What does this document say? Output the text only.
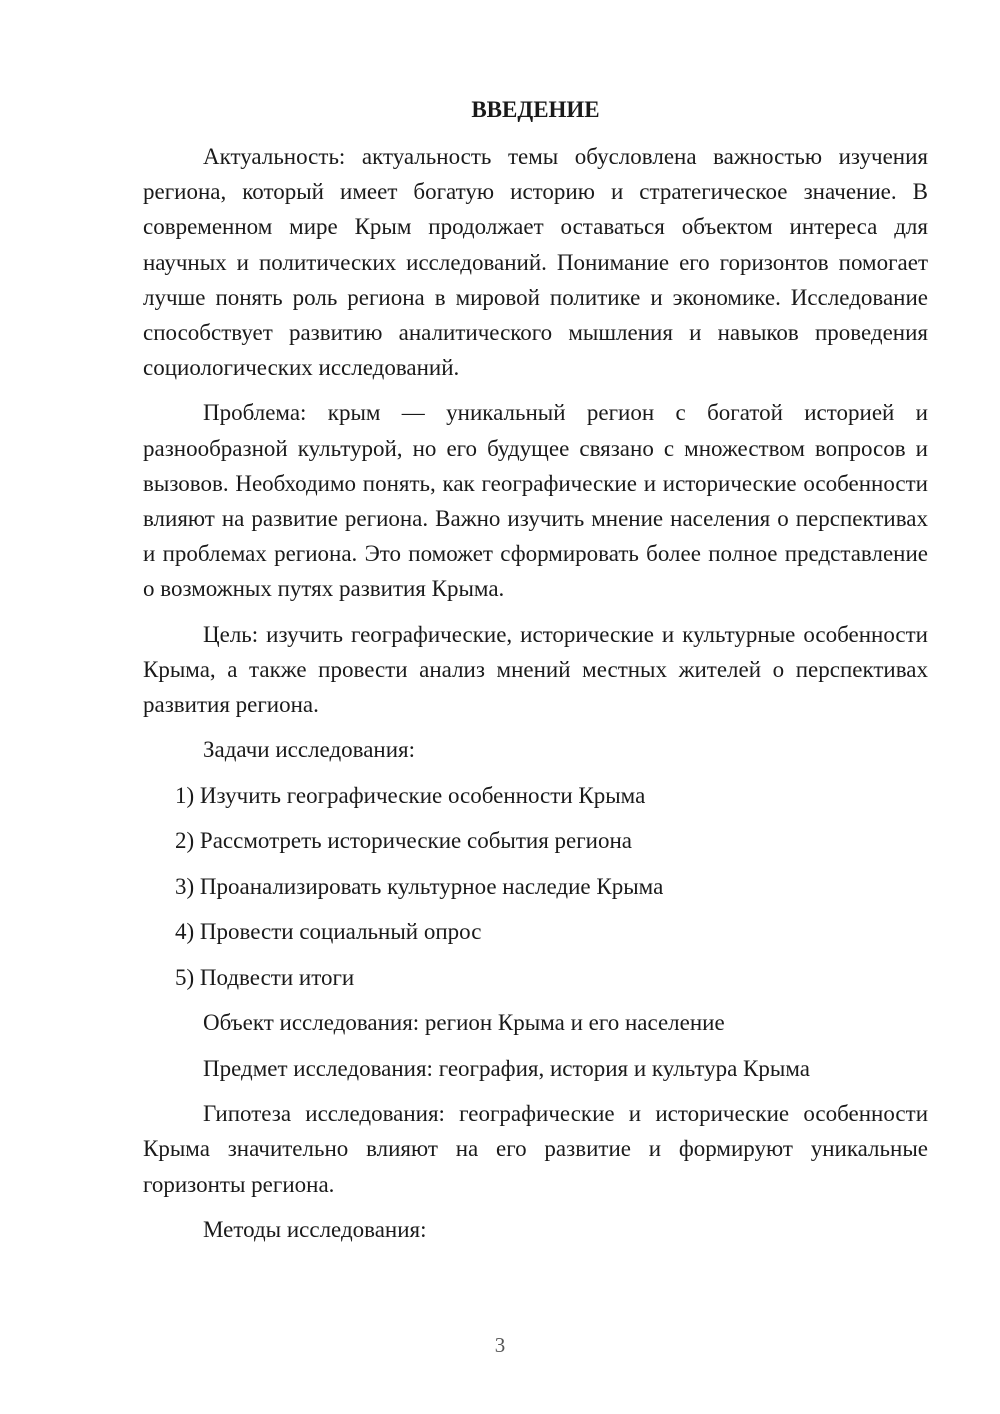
ВВЕДЕНИЕ

Актуальность: актуальность темы обусловлена важностью изучения региона, который имеет богатую историю и стратегическое значение. В современном мире Крым продолжает оставаться объектом интереса для научных и политических исследований. Понимание его горизонтов помогает лучше понять роль региона в мировой политике и экономике. Исследование способствует развитию аналитического мышления и навыков проведения социологических исследований.

Проблема: крым — уникальный регион с богатой историей и разнообразной культурой, но его будущее связано с множеством вопросов и вызовов. Необходимо понять, как географические и исторические особенности влияют на развитие региона. Важно изучить мнение населения о перспективах и проблемах региона. Это поможет сформировать более полное представление о возможных путях развития Крыма.

Цель: изучить географические, исторические и культурные особенности Крыма, а также провести анализ мнений местных жителей о перспективах развития региона.

Задачи исследования:

1) Изучить географические особенности Крыма
2) Рассмотреть исторические события региона
3) Проанализировать культурное наследие Крыма
4) Провести социальный опрос
5) Подвести итоги

Объект исследования: регион Крыма и его население

Предмет исследования: география, история и культура Крыма

Гипотеза исследования: географические и исторические особенности Крыма значительно влияют на его развитие и формируют уникальные горизонты региона.

Методы исследования:

3
